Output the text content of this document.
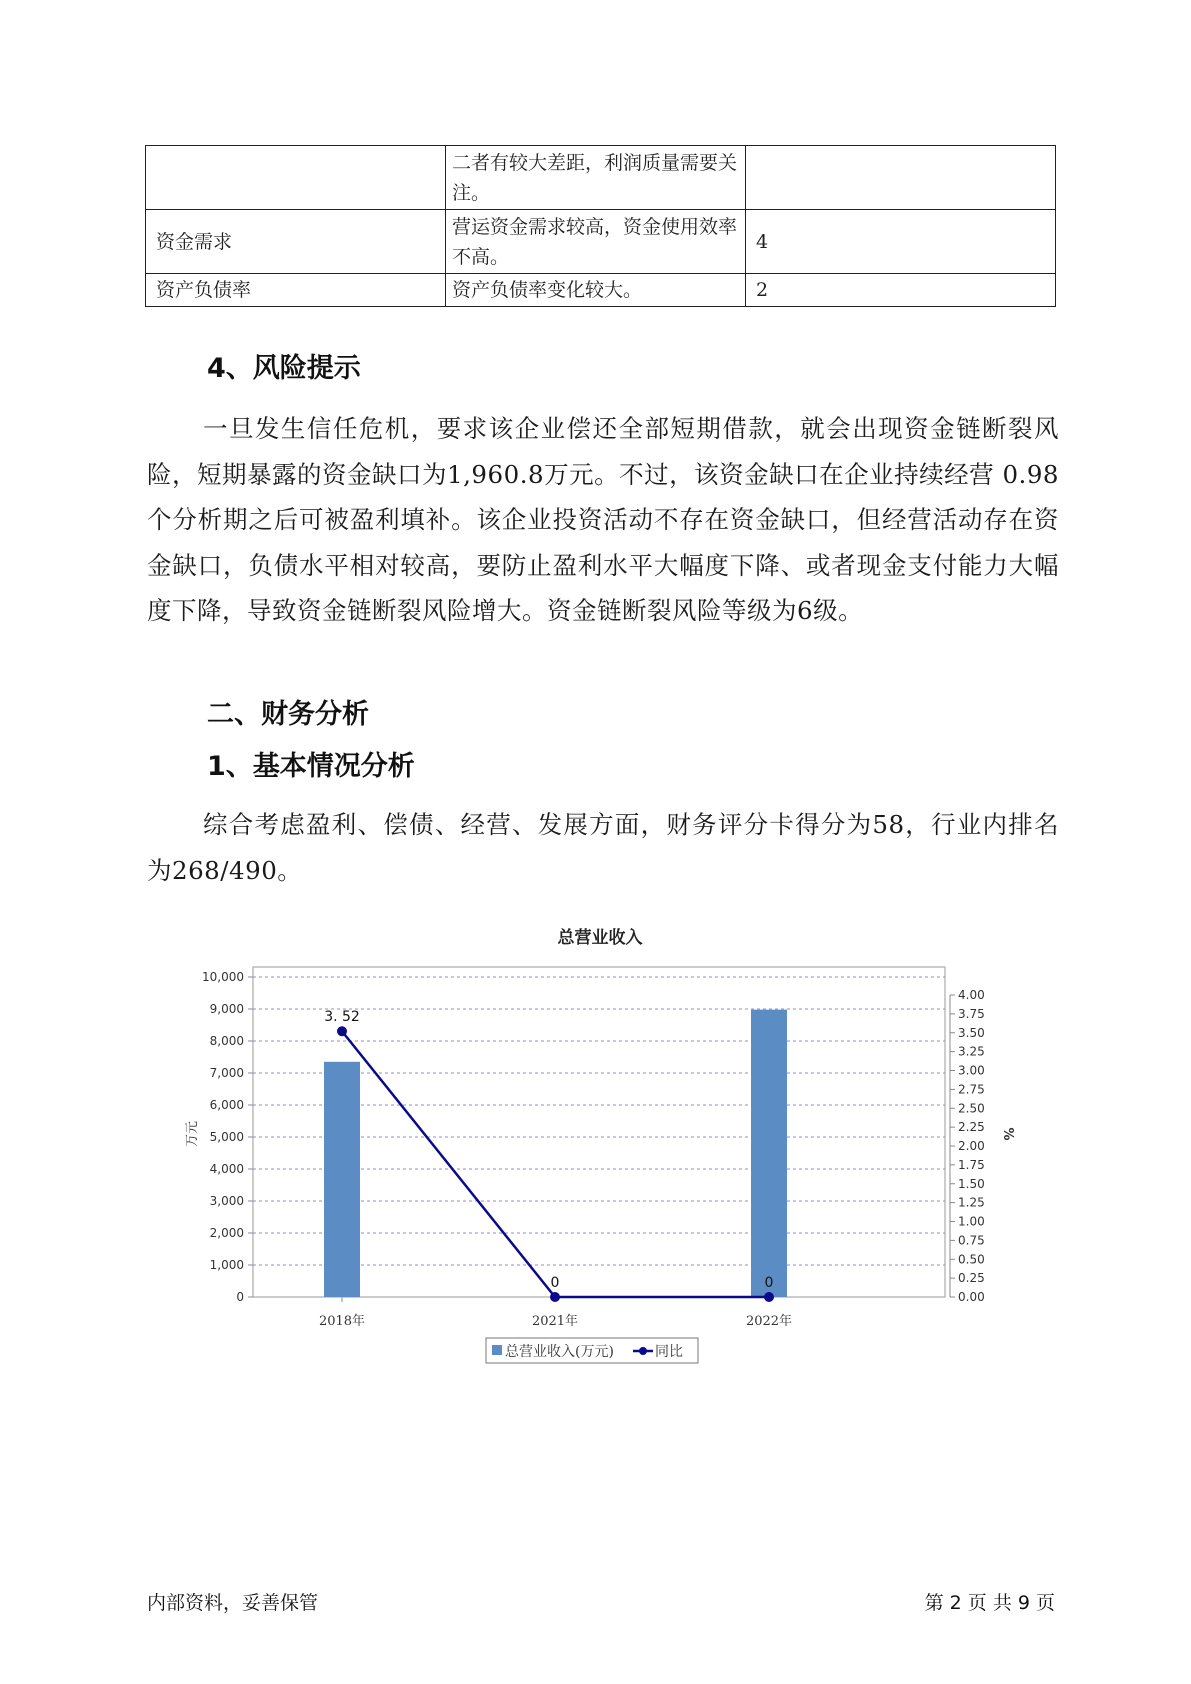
	二者有较大差距，利润质量需要关注。	
资金需求	营运资金需求较高，资金使用效率不高。	4
资产负债率	资产负债率变化较大。	2
4、风险提示

一旦发生信任危机，要求该企业偿还全部短期借款，就会出现资金链断裂风险，短期暴露的资金缺口为1,960.8万元。不过，该资金缺口在企业持续经营 0.98个分析期之后可被盈利填补。该企业投资活动不存在资金缺口，但经营活动存在资金缺口，负债水平相对较高，要防止盈利水平大幅度下降、或者现金支付能力大幅度下降，导致资金链断裂风险增大。资金链断裂风险等级为6级。

二、财务分析
1、基本情况分析

综合考虑盈利、偿债、经营、发展方面，财务评分卡得分为58，行业内排名为268/490。

总营业收入
0
1,000
2,000
3,000
4,000
5,000
6,000
7,000
8,000
9,000
10,000
0.00
0.25
0.50
0.75
1.00
1.25
1.50
1.75
2.00
2.25
2.50
2.75
3.00
3.25
3.50
3.75
4.00
2018年	2021年	2022年
3. 52
0	0
万元	%
总营业收入(万元)	同比
内部资料，妥善保管	第 2 页 共 9 页
